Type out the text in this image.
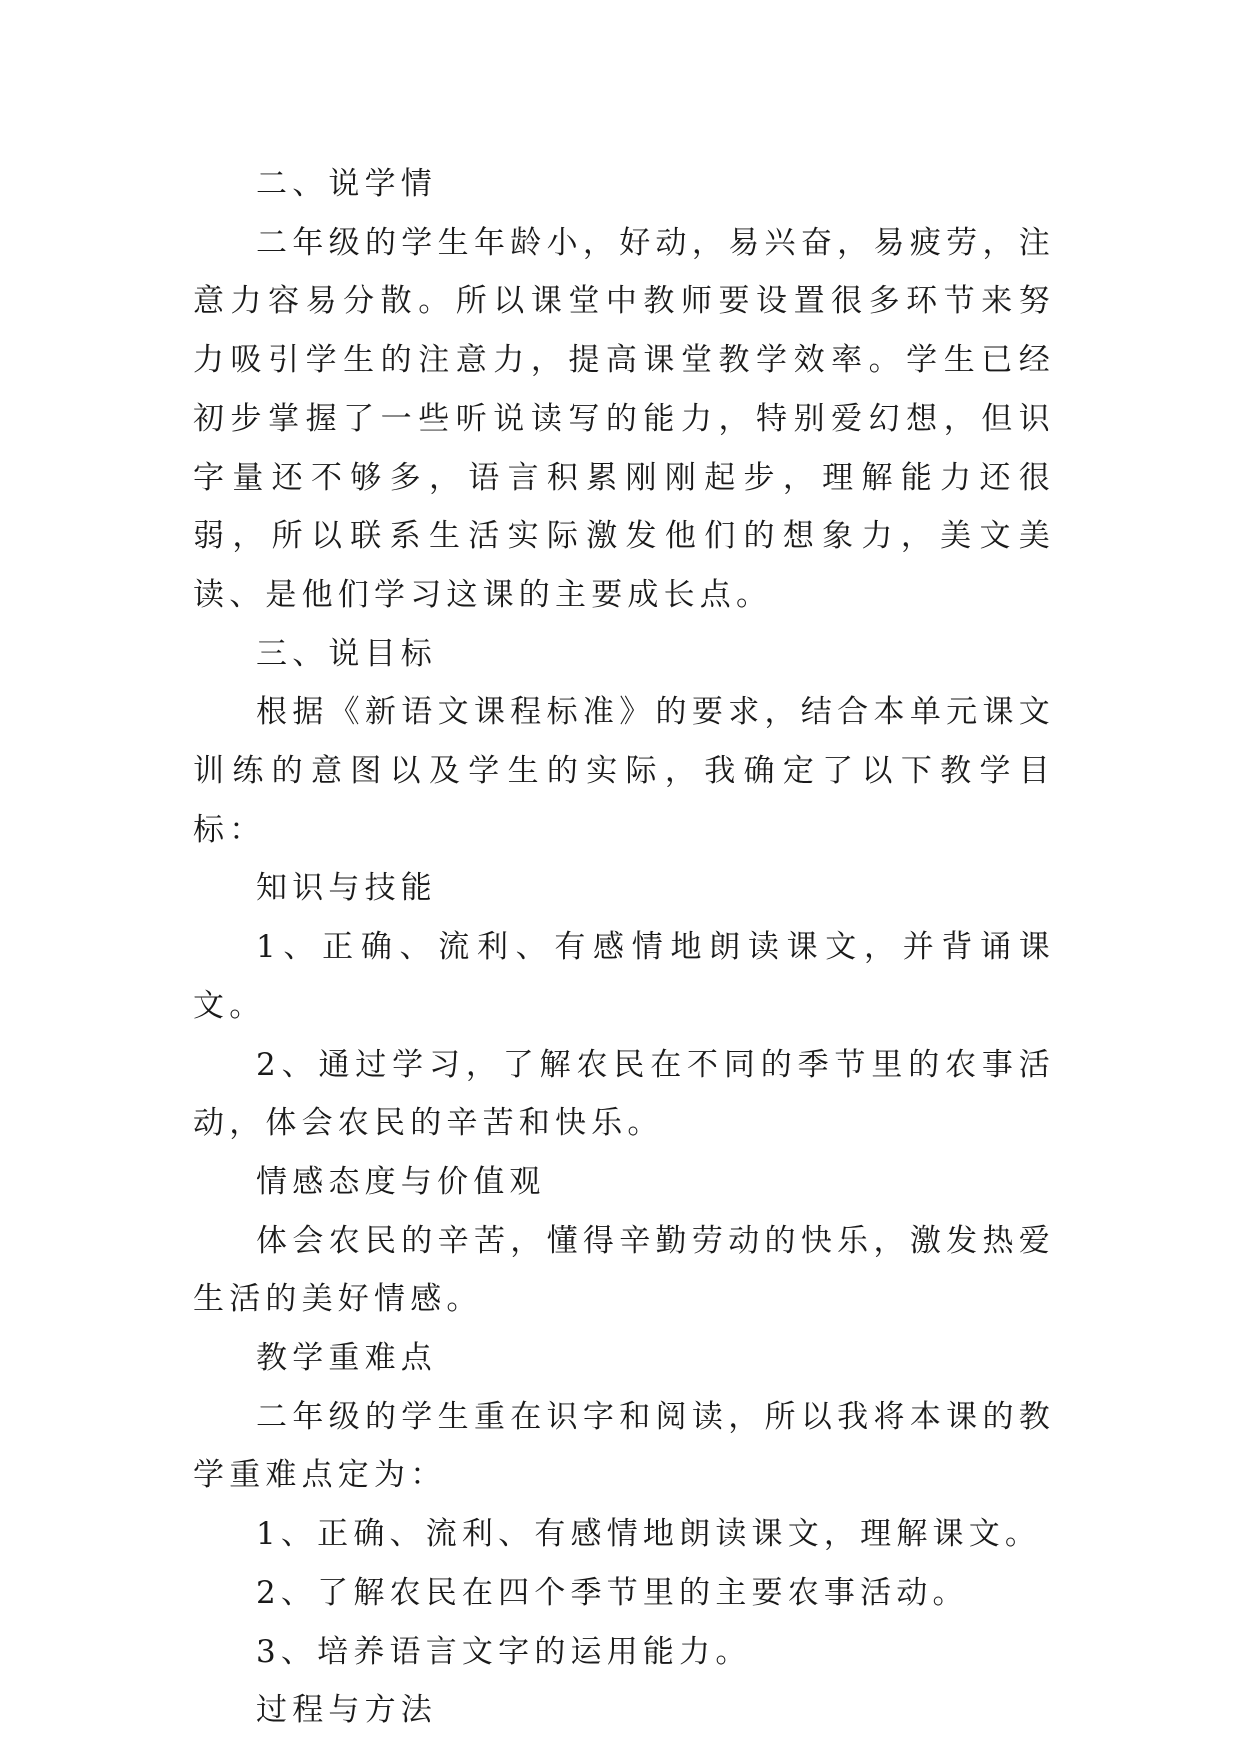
二、说学情

二年级的学生年龄小，好动，易兴奋，易疲劳，注意力容易分散。所以课堂中教师要设置很多环节来努力吸引学生的注意力，提高课堂教学效率。学生已经初步掌握了一些听说读写的能力，特别爱幻想，但识字量还不够多，语言积累刚刚起步，理解能力还很弱，所以联系生活实际激发他们的想象力，美文美读、是他们学习这课的主要成长点。

三、说目标

根据《新语文课程标准》的要求，结合本单元课文训练的意图以及学生的实际，我确定了以下教学目标：

知识与技能

1、正确、流利、有感情地朗读课文，并背诵课文。

2、通过学习，了解农民在不同的季节里的农事活动，体会农民的辛苦和快乐。

情感态度与价值观

体会农民的辛苦，懂得辛勤劳动的快乐，激发热爱生活的美好情感。

教学重难点

二年级的学生重在识字和阅读，所以我将本课的教学重难点定为：

1、正确、流利、有感情地朗读课文，理解课文。

2、了解农民在四个季节里的主要农事活动。

3、培养语言文字的运用能力。

过程与方法
